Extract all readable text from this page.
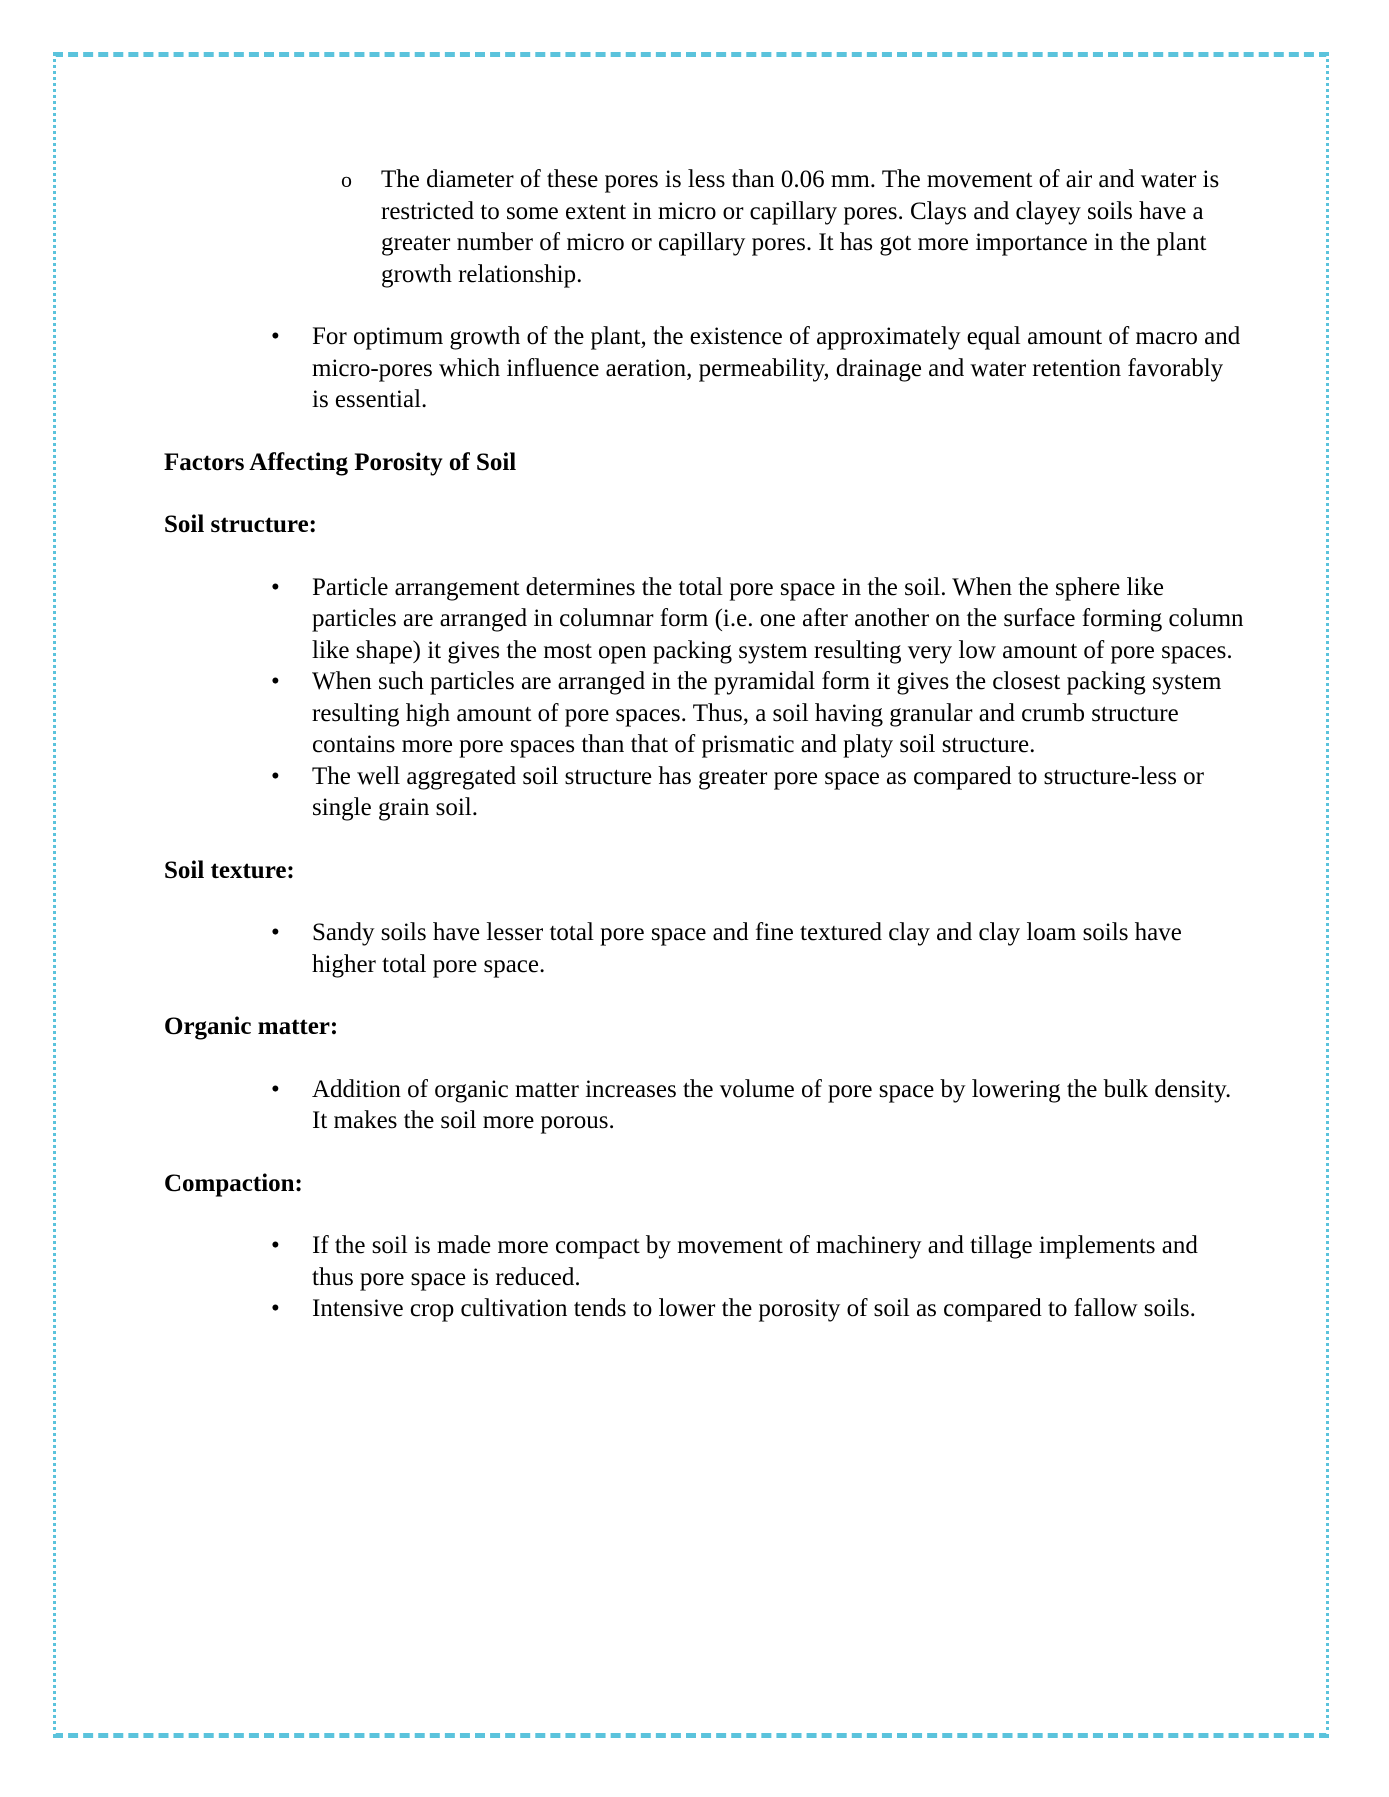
o The diameter of these pores is less than 0.06 mm. The movement of air and water is restricted to some extent in micro or capillary pores. Clays and clayey soils have a greater number of micro or capillary pores. It has got more importance in the plant growth relationship.
• For optimum growth of the plant, the existence of approximately equal amount of macro and micro-pores which influence aeration, permeability, drainage and water retention favorably is essential.

Factors Affecting Porosity of Soil

Soil structure:

• Particle arrangement determines the total pore space in the soil. When the sphere like particles are arranged in columnar form (i.e. one after another on the surface forming column like shape) it gives the most open packing system resulting very low amount of pore spaces.
• When such particles are arranged in the pyramidal form it gives the closest packing system resulting high amount of pore spaces. Thus, a soil having granular and crumb structure contains more pore spaces than that of prismatic and platy soil structure.
• The well aggregated soil structure has greater pore space as compared to structure-less or single grain soil.

Soil texture:

• Sandy soils have lesser total pore space and fine textured clay and clay loam soils have higher total pore space.

Organic matter:

• Addition of organic matter increases the volume of pore space by lowering the bulk density. It makes the soil more porous.

Compaction:

• If the soil is made more compact by movement of machinery and tillage implements and thus pore space is reduced.
• Intensive crop cultivation tends to lower the porosity of soil as compared to fallow soils.
